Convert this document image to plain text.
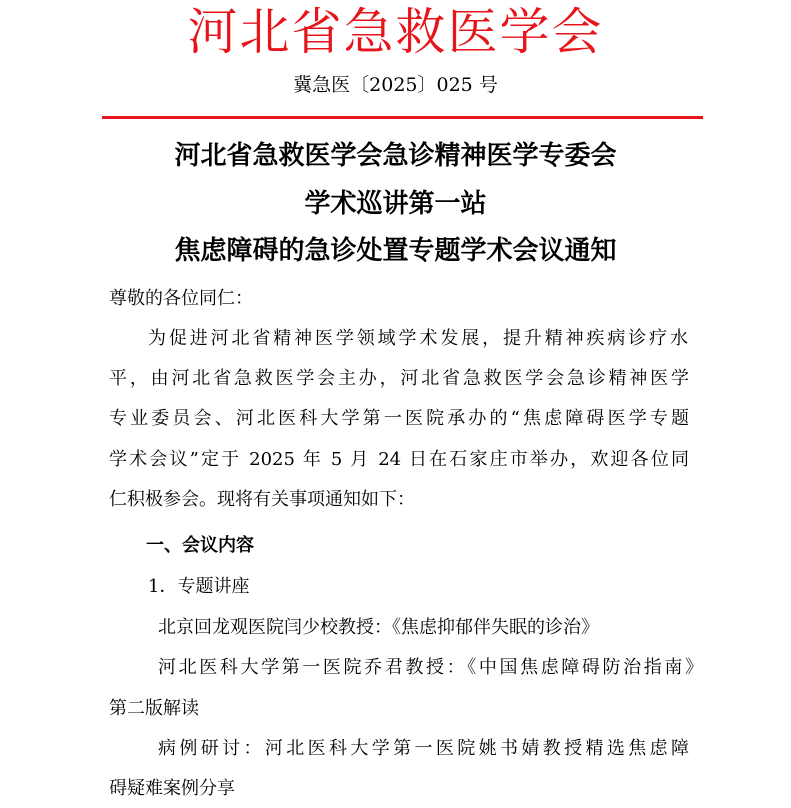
河北省急救医学会
冀急医〔2025〕025 号
河北省急救医学会急诊精神医学专委会
学术巡讲第一站
焦虑障碍的急诊处置专题学术会议通知
尊敬的各位同仁：
为促进河北省精神医学领域学术发展，提升精神疾病诊疗水
平，由河北省急救医学会主办，河北省急救医学会急诊精神医学
专业委员会、河北医科大学第一医院承办的“焦虑障碍医学专题
学术会议”定于 2025 年 5 月 24 日在石家庄市举办，欢迎各位同
仁积极参会。现将有关事项通知如下：
一、会议内容
1．专题讲座
北京回龙观医院闫少校教授：《焦虑抑郁伴失眠的诊治》
河北医科大学第一医院乔君教授：《中国焦虑障碍防治指南》
第二版解读
病例研讨：河北医科大学第一医院姚书婧教授精选焦虑障
碍疑难案例分享
